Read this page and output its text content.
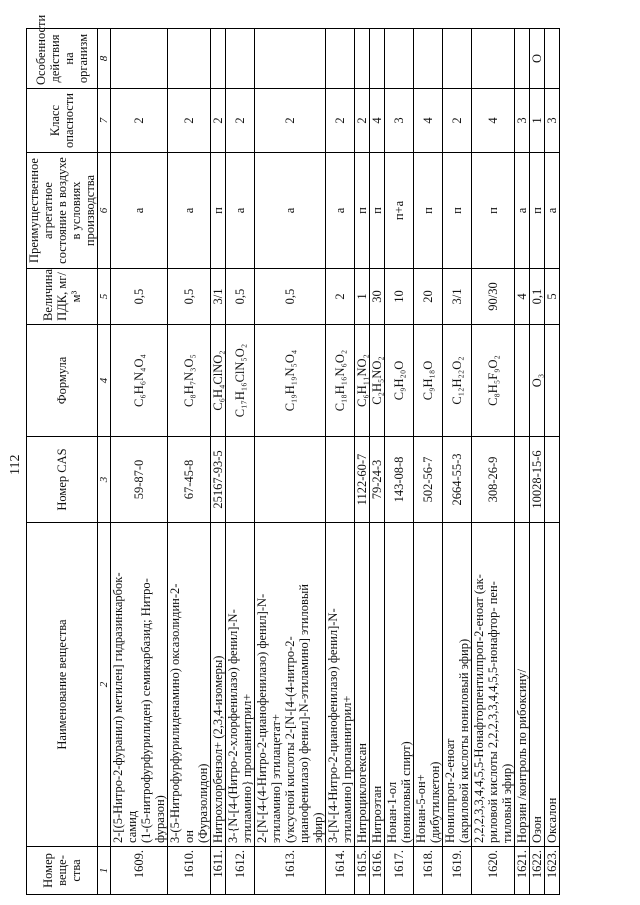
112
Номер веще-ства	Наименование вещества	Номер CAS	Формула	Величина ПДК, мг/м³	Преимущественное агрегатное состояние в воздухе в условиях производства	Класс опасности	Особенности действия на организм
1	2	3	4	5	6	7	8
1609.	2-[(5-Нитро-2-фуранил) метилен] гидразинкарбок- самид (1-(5-нитрофурфурилиден) семикарбазид; Нитро- фуразон)	59-87-0	C₆H₆N₄O₄	0,5	а	2	
1610.	3-(5-Нитрофурфурилиденамино) оксазолидин-2- он (Фуразолидон)	67-45-8	C₈H₇N₃O₅	0,5	а	2	
1611.	Нитрохлорбензол+ (2,3,4-изомеры)	25167-93-5	C₆H₄ClNO₂	3/1	п	2	
1612.	3-{N-[4-(Нитро-2-хлорфенилазо) фенил]-N- этиламино} пропаннитрил+		C₁₇H₁₆ClN₅O₂	0,5	а	2	
1613.	2-[N-[4-(4-Нитро-2-цианофенилазо) фенил]-N- этиламино] этилацетат+ (уксусной кислоты 2-[N-[4-(4-нитро-2- цианофенилазо) фенил]-N-этиламино] этиловый эфир)		C₁₉H₁₉N₅O₄	0,5	а	2	
1614.	3-[N-[4-Нитро-2-цианофенилазо) фенил]-N- этиламино] пропаннитрил+		C₁₈H₁₆N₆O₂	2	а	2	
1615.	Нитроциклогексан	1122-60-7	C₆H₁₁NO₂	1	п	2	
1616.	Нитроэтан	79-24-3	C₂H₅NO₂	30	п	4	
1617.	Нонан-1-ол (нониловый спирт)	143-08-8	C₉H₂₀O	10	п+а	3	
1618.	Нонан-5-он+ (дибутилкетон)	502-56-7	C₉H₁₈O	20	п	4	
1619.	Нонилпроп-2-еноат (акриловой кислоты нониловый эфир)	2664-55-3	C₁₂H₂₂O₂	3/1	п	2	
1620.	2,2,2,3,3,4,4,5,5-Нонафторпентилпроп-2-еноат (ак- риловой кислоты 2,2,2,3,3,4,4,5,5-нонафтор- пен- тиловый эфир)	308-26-9	C₈H₅F₉O₂	90/30	п	4	
1621.	Норзин /контроль по рибоксину/			4	а	3	
1622.	Озон	10028-15-6	O₃	0,1	п	1	О
1623.	Оксалон			5	а	3	
